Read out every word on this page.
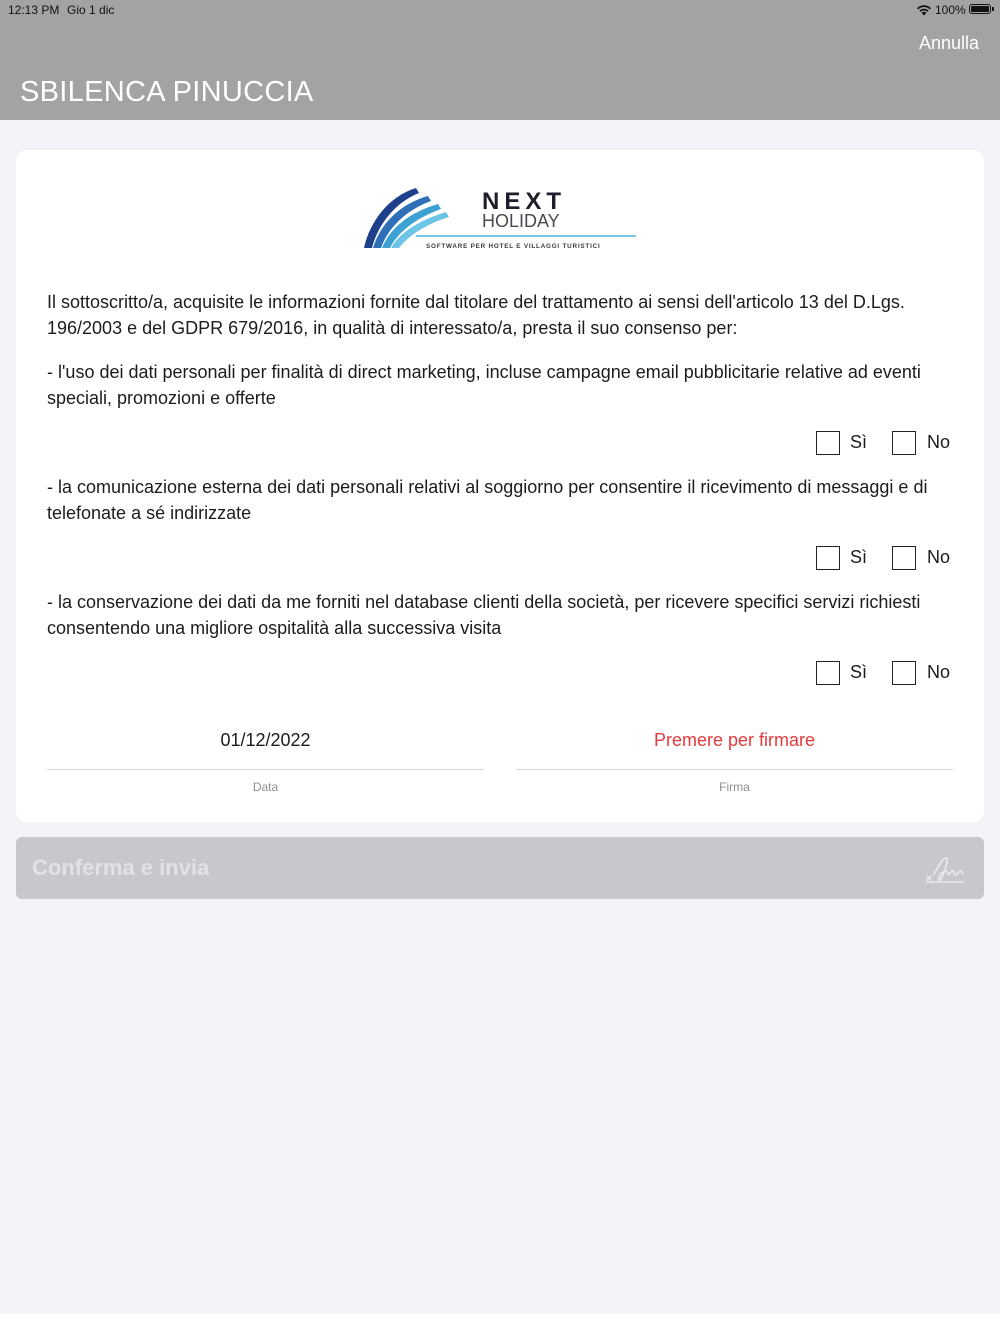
12:13 PM Gio 1 dic	100%
Annulla
SBILENCA PINUCCIA
NEXT
HOLIDAY
SOFTWARE PER HOTEL E VILLAGGI TURISTICI
Il sottoscritto/a, acquisite le informazioni fornite dal titolare del trattamento ai sensi dell'articolo 13 del D.Lgs. 196/2003 e del GDPR 679/2016, in qualità di interessato/a, presta il suo consenso per:
- l'uso dei dati personali per finalità di direct marketing, incluse campagne email pubblicitarie relative ad eventi speciali, promozioni e offerte
Sì	No
- la comunicazione esterna dei dati personali relativi al soggiorno per consentire il ricevimento di messaggi e di telefonate a sé indirizzate
Sì	No
- la conservazione dei dati da me forniti nel database clienti della società, per ricevere specifici servizi richiesti consentendo una migliore ospitalità alla successiva visita
Sì	No
01/12/2022
Data
Premere per firmare
Firma
Conferma e invia
